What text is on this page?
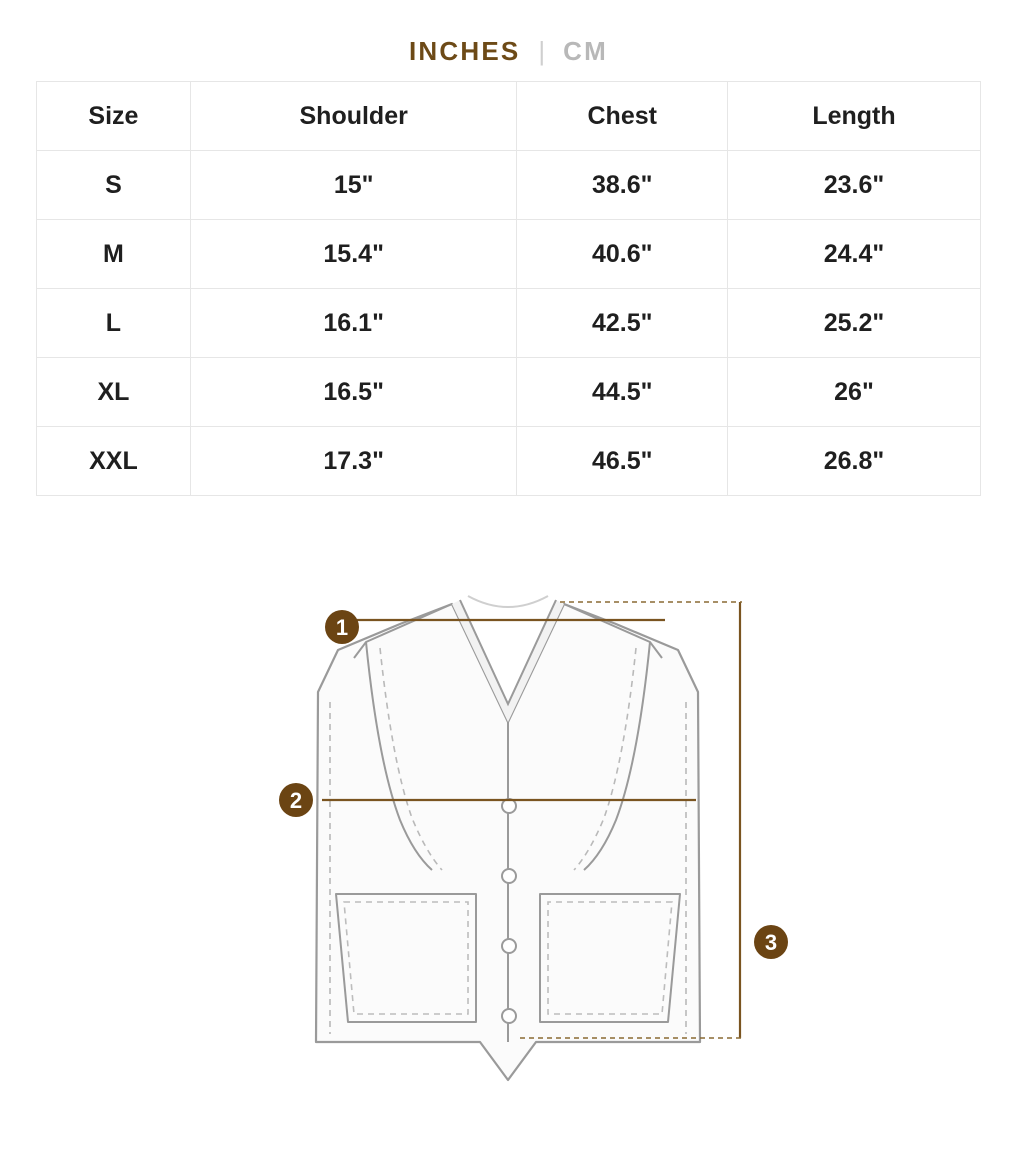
INCHES | CM
Size	Shoulder	Chest	Length
S	15"	38.6"	23.6"
M	15.4"	40.6"	24.4"
L	16.1"	42.5"	25.2"
XL	16.5"	44.5"	26"
XXL	17.3"	46.5"	26.8"
1
2
3
